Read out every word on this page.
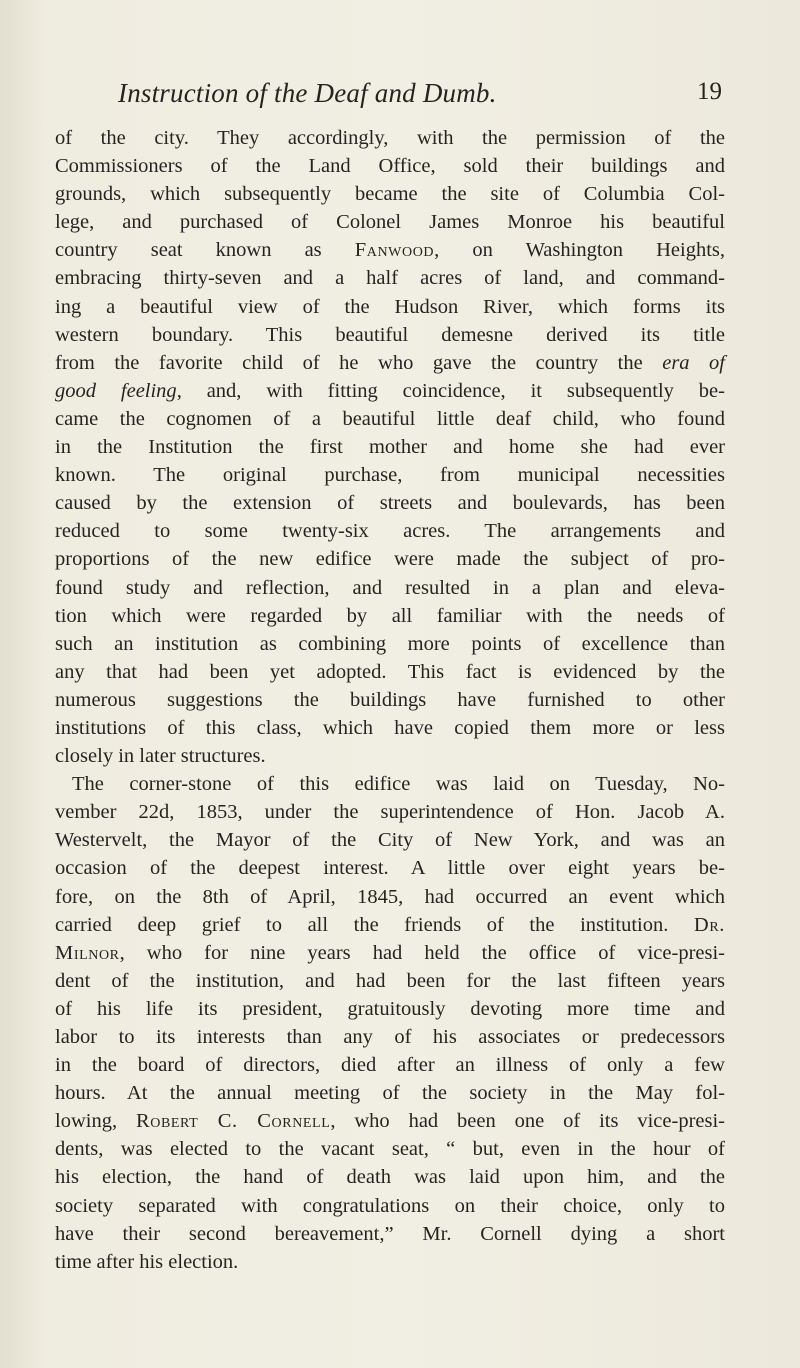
Instruction of the Deaf and Dumb.	19
of the city. They accordingly, with the permission of the
Commissioners of the Land Office, sold their buildings and
grounds, which subsequently became the site of Columbia Col-
lege, and purchased of Colonel James Monroe his beautiful
country seat known as Fanwood, on Washington Heights,
embracing thirty-seven and a half acres of land, and command-
ing a beautiful view of the Hudson River, which forms its
western boundary. This beautiful demesne derived its title
from the favorite child of he who gave the country the era of
good feeling, and, with fitting coincidence, it subsequently be-
came the cognomen of a beautiful little deaf child, who found
in the Institution the first mother and home she had ever
known. The original purchase, from municipal necessities
caused by the extension of streets and boulevards, has been
reduced to some twenty-six acres. The arrangements and
proportions of the new edifice were made the subject of pro-
found study and reflection, and resulted in a plan and eleva-
tion which were regarded by all familiar with the needs of
such an institution as combining more points of excellence than
any that had been yet adopted. This fact is evidenced by the
numerous suggestions the buildings have furnished to other
institutions of this class, which have copied them more or less
closely in later structures.
The corner-stone of this edifice was laid on Tuesday, No-
vember 22d, 1853, under the superintendence of Hon. Jacob A.
Westervelt, the Mayor of the City of New York, and was an
occasion of the deepest interest. A little over eight years be-
fore, on the 8th of April, 1845, had occurred an event which
carried deep grief to all the friends of the institution. Dr.
Milnor, who for nine years had held the office of vice-presi-
dent of the institution, and had been for the last fifteen years
of his life its president, gratuitously devoting more time and
labor to its interests than any of his associates or predecessors
in the board of directors, died after an illness of only a few
hours. At the annual meeting of the society in the May fol-
lowing, Robert C. Cornell, who had been one of its vice-presi-
dents, was elected to the vacant seat, “ but, even in the hour of
his election, the hand of death was laid upon him, and the
society separated with congratulations on their choice, only to
have their second bereavement,” Mr. Cornell dying a short
time after his election.
